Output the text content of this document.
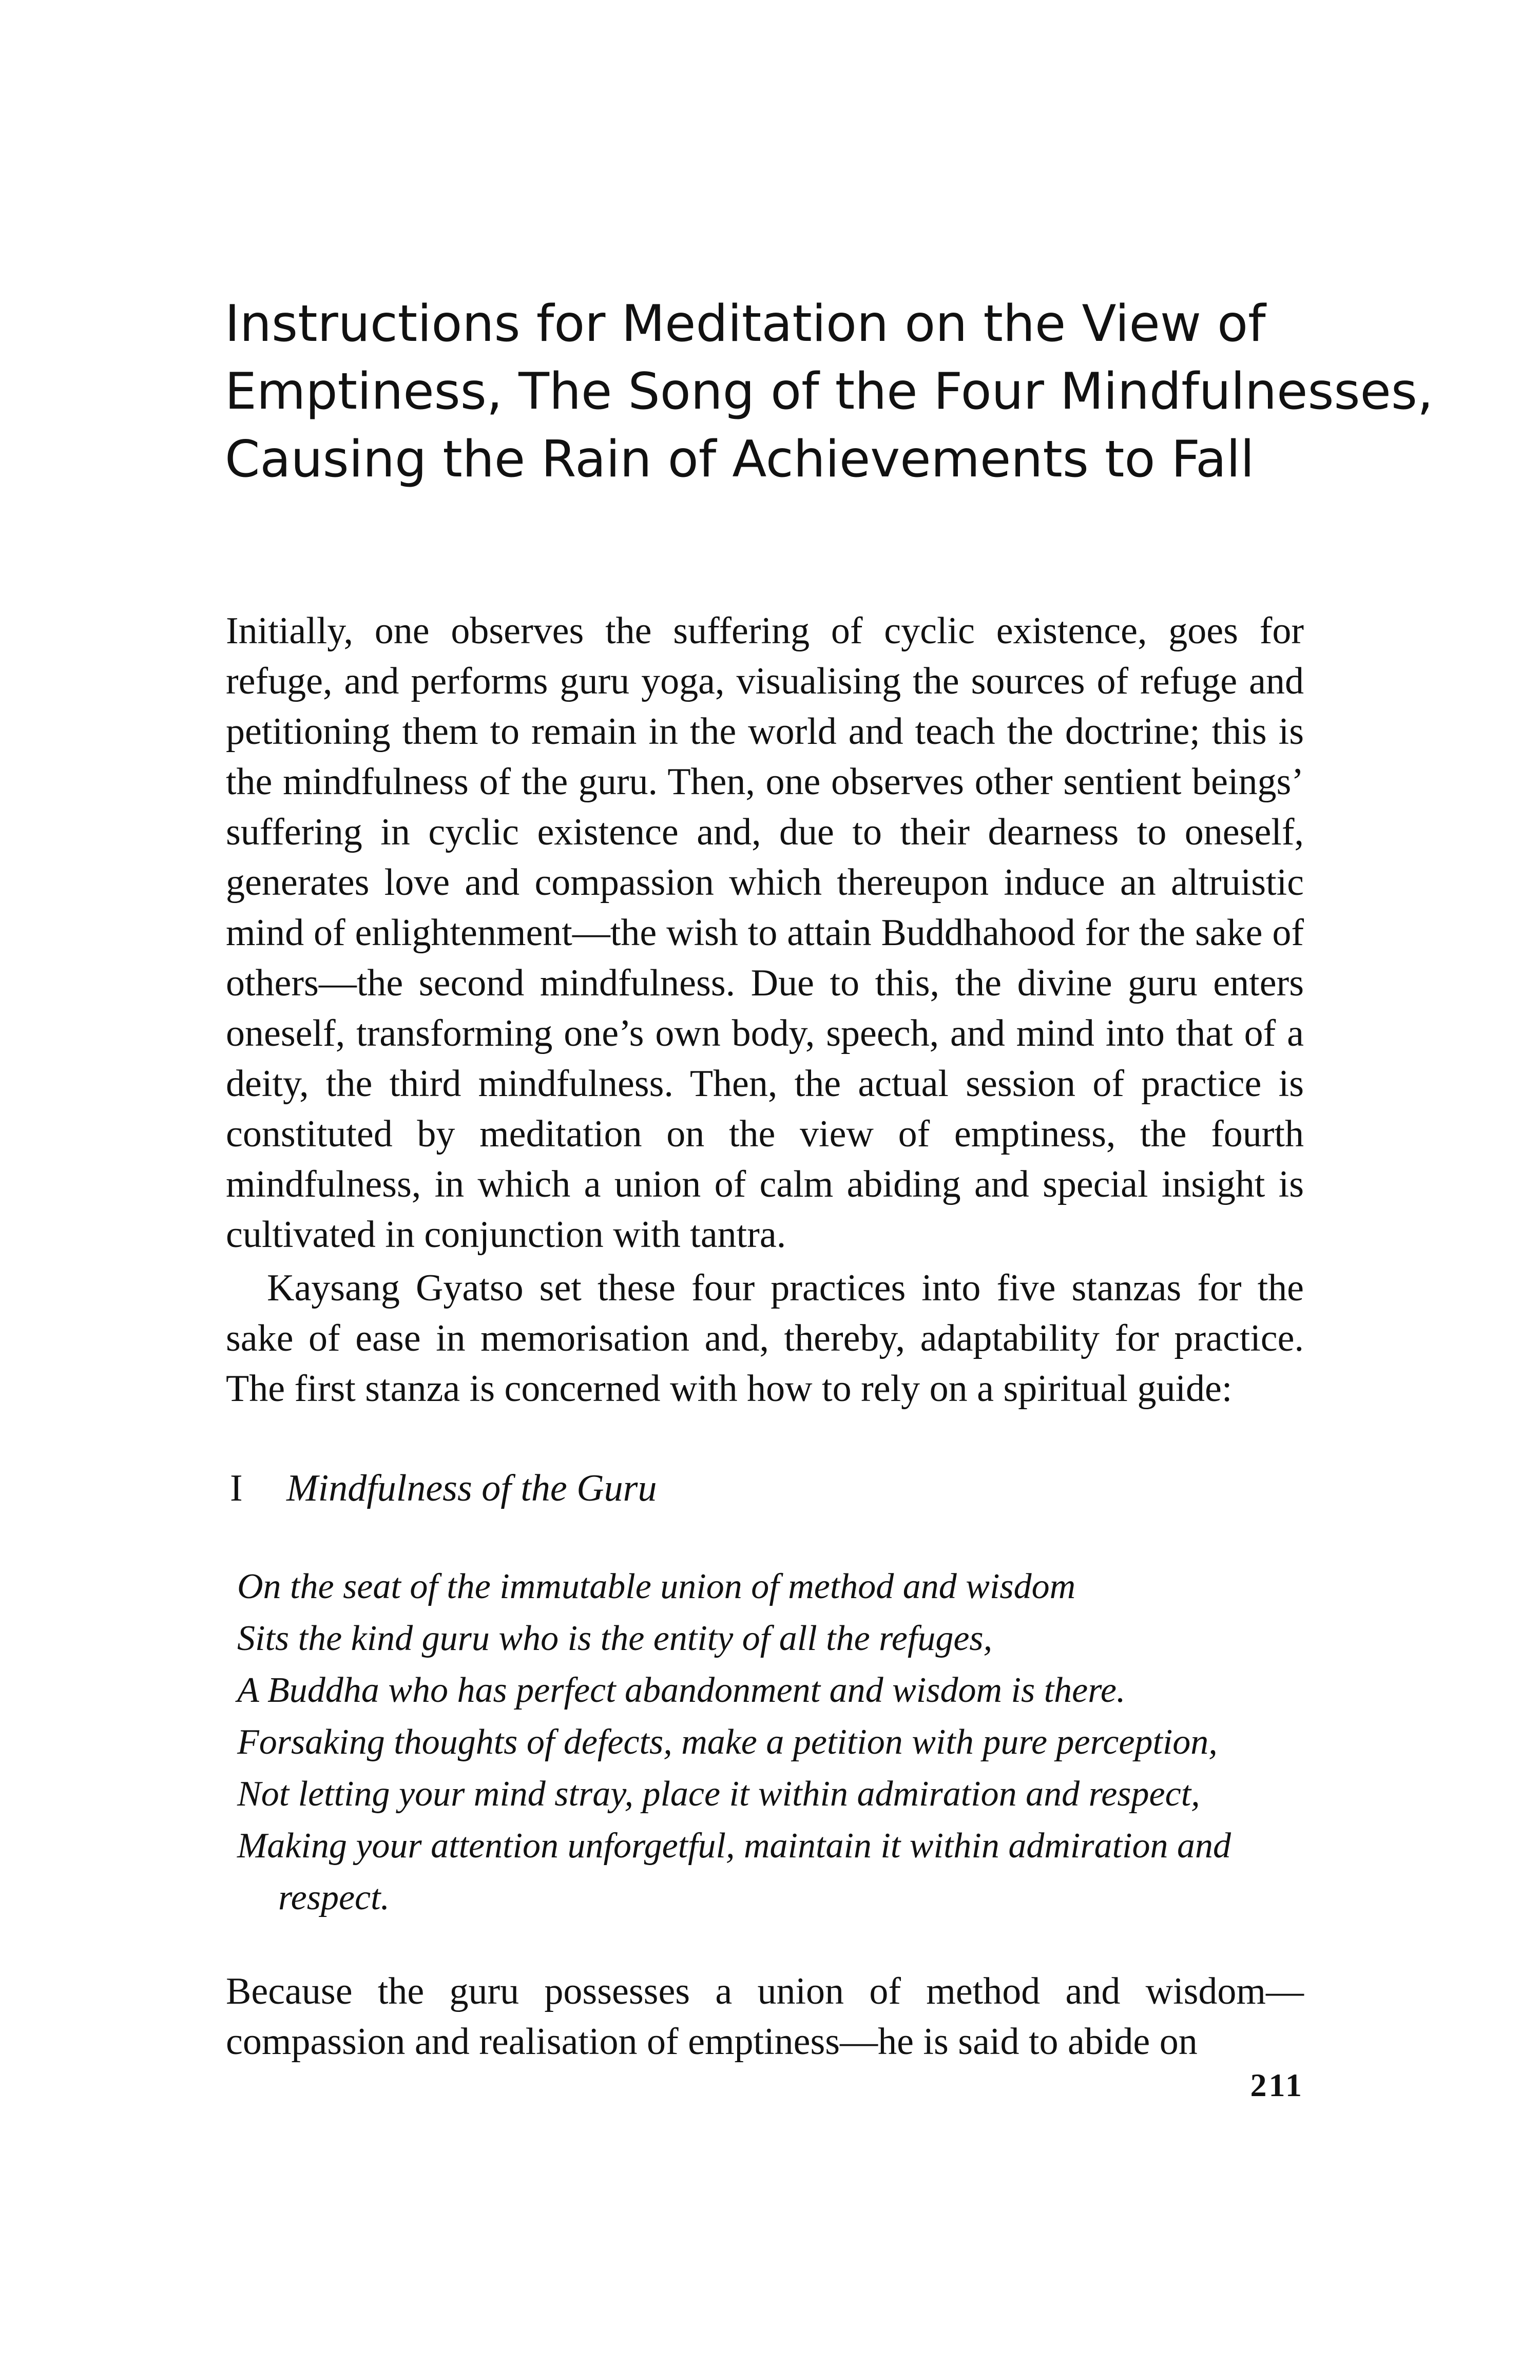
Instructions for Meditation on the View of
Emptiness, The Song of the Four Mindfulnesses,
Causing the Rain of Achievements to Fall

Initially, one observes the suffering of cyclic existence, goes for refuge, and performs guru yoga, visualising the sources of refuge and petitioning them to remain in the world and teach the doctrine; this is the mindfulness of the guru. Then, one observes other sentient beings’ suffering in cyclic existence and, due to their dearness to oneself, generates love and compassion which thereupon induce an altruistic mind of enlightenment—the wish to attain Buddhahood for the sake of others—the second mindfulness. Due to this, the divine guru enters oneself, transforming one’s own body, speech, and mind into that of a deity, the third mindfulness. Then, the actual session of practice is constituted by meditation on the view of emptiness, the fourth mindfulness, in which a union of calm abiding and special insight is cultivated in conjunction with tantra.

Kaysang Gyatso set these four practices into five stanzas for the sake of ease in memorisation and, thereby, adaptability for practice. The first stanza is concerned with how to rely on a spiritual guide:

I Mindfulness of the Guru
On the seat of the immutable union of method and wisdom
Sits the kind guru who is the entity of all the refuges,
A Buddha who has perfect abandonment and wisdom is there.
Forsaking thoughts of defects, make a petition with pure perception,
Not letting your mind stray, place it within admiration and respect,
Making your attention unforgetful, maintain it within admiration and
respect.

Because the guru possesses a union of method and wisdom—compassion and realisation of emptiness—he is said to abide on

211
